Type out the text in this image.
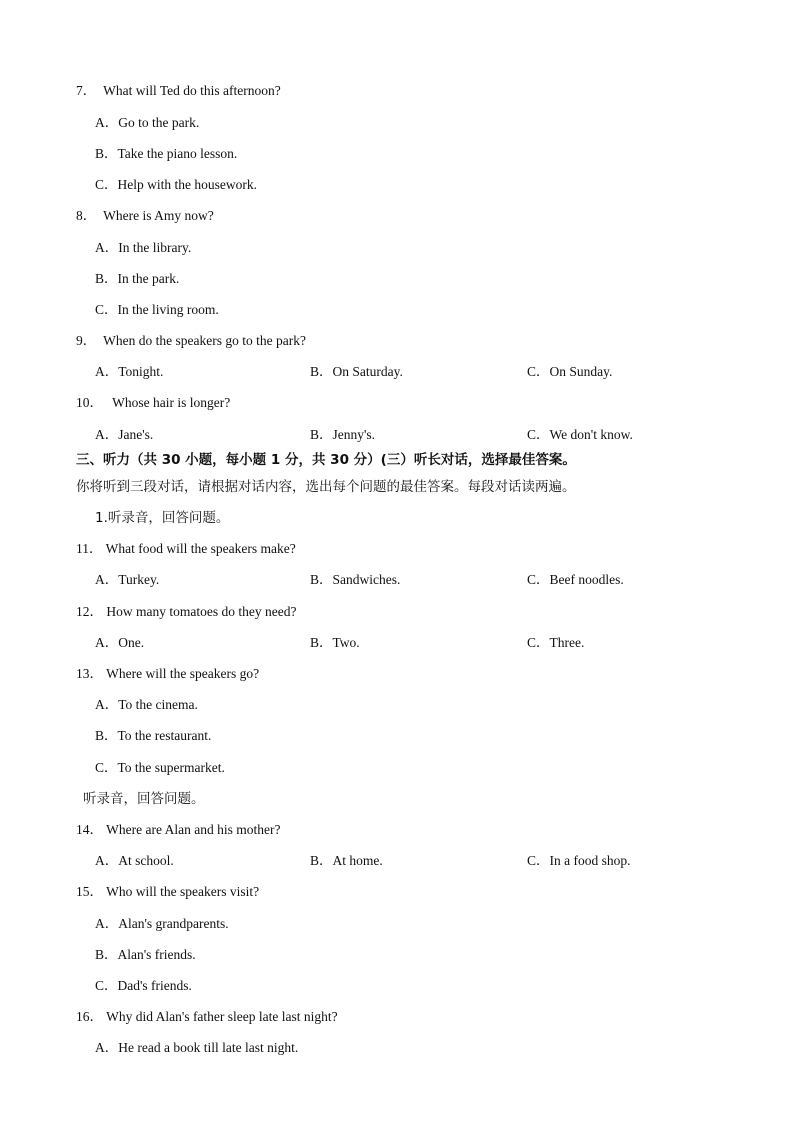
7． What will Ted do this afternoon?
A．Go to the park.
B．Take the piano lesson.
C．Help with the housework.
8． Where is Amy now?
A．In the library.
B．In the park.
C．In the living room.
9． When do the speakers go to the park?
A．Tonight.	B．On Saturday.	C．On Sunday.
10． Whose hair is longer?
A．Jane's.	B．Jenny's.	C．We don't know.
三、听力（共 30 小题，每小题 1 分，共 30 分）(三）听长对话，选择最佳答案。
你将听到三段对话，请根据对话内容，选出每个问题的最佳答案。每段对话读两遍。
1.听录音，回答问题。
11． What food will the speakers make?
A．Turkey.	B．Sandwiches.	C．Beef noodles.
12． How many tomatoes do they need?
A．One.	B．Two.	C．Three.
13． Where will the speakers go?
A．To the cinema.
B．To the restaurant.
C．To the supermarket.
听录音，回答问题。
14． Where are Alan and his mother?
A．At school.	B．At home.	C．In a food shop.
15． Who will the speakers visit?
A．Alan's grandparents.
B．Alan's friends.
C．Dad's friends.
16． Why did Alan's father sleep late last night?
A．He read a book till late last night.
